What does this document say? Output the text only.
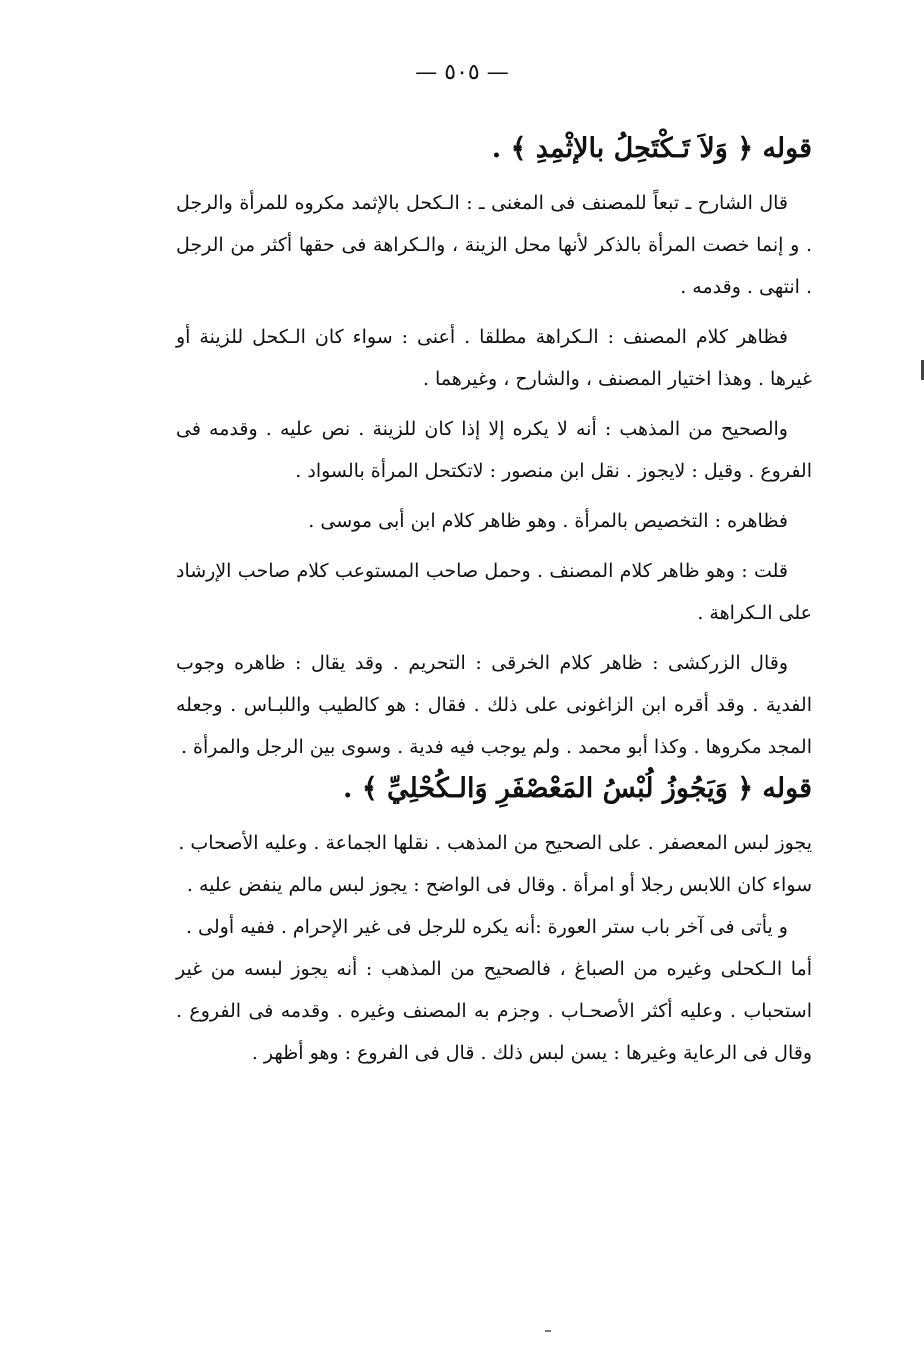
— ٥٠٥ —
قوله ﴿ وَلاَ تَـكْتَحِلُ بالإثْمِدِ ﴾ .

قال الشارح ـ تبعاً للمصنف فى المغنى ـ : الـكحل بالإثمد مكروه للمرأة والرجل . و إنما خصت المرأة بالذكر لأنها محل الزينة ، والـكراهة فى حقها أكثر من الرجل . انتهى . وقدمه .

فظاهر كلام المصنف : الـكراهة مطلقا . أعنى : سواء كان الـكحل للزينة أو غيرها . وهذا اختيار المصنف ، والشارح ، وغيرهما .

والصحيح من المذهب : أنه لا يكره إلا إذا كان للزينة . نص عليه . وقدمه فى الفروع . وقيل : لايجوز . نقل ابن منصور : لاتكتحل المرأة بالسواد .

فظاهره : التخصيص بالمرأة . وهو ظاهر كلام ابن أبى موسى .

قلت : وهو ظاهر كلام المصنف . وحمل صاحب المستوعب كلام صاحب الإرشاد على الـكراهة .

وقال الزركشى : ظاهر كلام الخرقى : التحريم . وقد يقال : ظاهره وجوب الفدية . وقد أقره ابن الزاغونى على ذلك . فقال : هو كالطيب واللبـاس . وجعله المجد مكروها . وكذا أبو محمد . ولم يوجب فيه فدية . وسوى بين الرجل والمرأة .

قوله ﴿ وَيَجُوزُ لُبْسُ المَعْصْفَرِ وَالـكُحْلِيِّ ﴾ .

يجوز لبس المعصفر . على الصحيح من المذهب . نقلها الجماعة . وعليه الأصحاب .

سواء كان اللابس رجلا أو امرأة . وقال فى الواضح : يجوز لبس مالم ينفض عليه .

و يأتى فى آخر باب ستر العورة :أنه يكره للرجل فى غير الإحرام . ففيه أولى .

أما الـكحلى وغيره من الصباغ ، فالصحيح من المذهب : أنه يجوز لبسه من غير استحباب . وعليه أكثر الأصحـاب . وجزم به المصنف وغيره . وقدمه فى الفروع . وقال فى الرعاية وغيرها : يسن لبس ذلك . قال فى الفروع : وهو أظهر .
